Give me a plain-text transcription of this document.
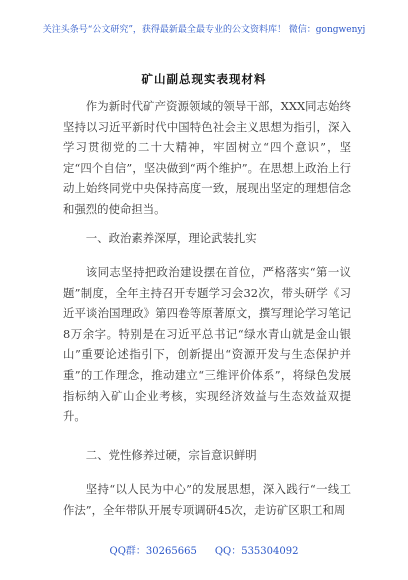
关注头条号“公文研究”，获得最新最全最专业的公文资料库！ 微信：gongwenyj
矿山副总现实表现材料

作为新时代矿产资源领域的领导干部，XXX同志始终坚持以习近平新时代中国特色社会主义思想为指引，深入学习贯彻党的二十大精神，牢固树立“四个意识”，坚定“四个自信”，坚决做到“两个维护”。在思想上政治上行动上始终同党中央保持高度一致，展现出坚定的理想信念和强烈的使命担当。

一、政治素养深厚，理论武装扎实

该同志坚持把政治建设摆在首位，严格落实“第一议题”制度，全年主持召开专题学习会32次，带头研学《习近平谈治国理政》第四卷等原著原文，撰写理论学习笔记8万余字。特别是在习近平总书记“绿水青山就是金山银山”重要论述指引下，创新提出“资源开发与生态保护并重”的工作理念，推动建立“三维评价体系”，将绿色发展指标纳入矿山企业考核，实现经济效益与生态效益双提升。

二、党性修养过硬，宗旨意识鲜明

坚持“以人民为中心”的发展思想，深入践行“一线工作法”，全年带队开展专项调研45次，走访矿区职工和周

QQ群：30265665 QQ：535304092
